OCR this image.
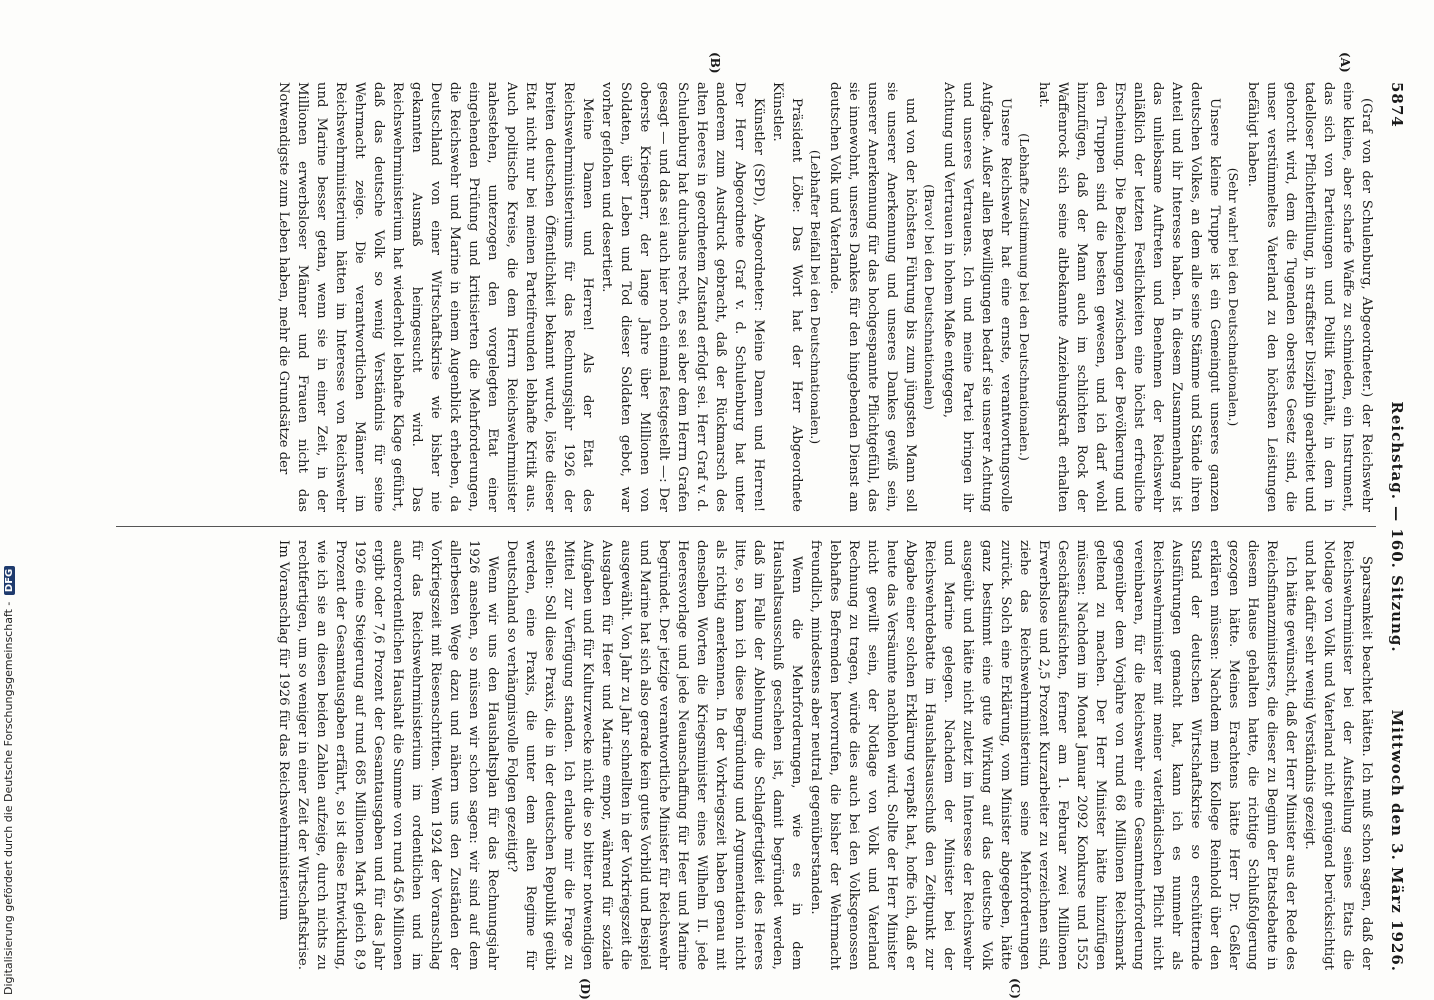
5874
Reichstag. — 160. Sitzung.
Mittwoch den 3. März 1926.
(A)
(B)
(C)
(D)

(Graf von der Schulenburg, Abgeordneter.) der Reichswehr eine kleine, aber scharfe Waffe zu schmieden, ein Instrument, das sich von Parteiungen und Politik fernhält, in dem in tadelloser Pflichterfüllung, in straffster Disziplin gearbeitet und gehorcht wird, dem die Tugenden oberstes Gesetz sind, die unser verstümmeltes Vaterland zu den höchsten Leistungen befähigt haben.

(Sehr wahr! bei den Deutschnationalen.)

Unsere kleine Truppe ist ein Gemeingut unseres ganzen deutschen Volkes, an dem alle seine Stämme und Stände ihren Anteil und ihr Interesse haben. In diesem Zusammenhang ist das unliebsame Auftreten und Benehmen der Reichswehr anläßlich der letzten Festlichkeiten eine höchst erfreuliche Erscheinung. Die Beziehungen zwischen der Bevölkerung und den Truppen sind die besten gewesen, und ich darf wohl hinzufügen, daß der Mann auch im schlichten Rock der Waffenrock sich seine altbekannte Anziehungskraft erhalten hat.

(Lebhafte Zustimmung bei den Deutschnationalen.)

Unsere Reichswehr hat eine ernste, verantwortungsvolle Aufgabe. Außer allen Bewilligungen bedarf sie unserer Achtung und unseres Vertrauens. Ich und meine Partei bringen ihr Achtung und Vertrauen in hohem Maße entgegen,

(Bravo! bei den Deutschnationalen)

und von der höchsten Führung bis zum jüngsten Mann soll sie unserer Anerkennung und unseres Dankes gewiß sein, unserer Anerkennung für das hochgespannte Pflichtgefühl, das sie innewohnt, unseres Dankes für den hingebenden Dienst am deutschen Volk und Vaterlande.

(Lebhafter Beifall bei den Deutschnationalen.)

Präsident Löbe: Das Wort hat der Herr Abgeordnete Künstler.

Künstler (SPD), Abgeordneter: Meine Damen und Herren! Der Herr Abgeordnete Graf v. d. Schulenburg hat unter anderem zum Ausdruck gebracht, daß der Rückmarsch des alten Heeres in geordnetem Zustand erfolgt sei. Herr Graf v. d. Schulenburg hat durchaus recht, es sei aber dem Herrn Grafen gesagt — und das sei auch hier noch einmal festgestellt —: Der oberste Kriegsherr, der lange Jahre über Millionen von Soldaten, über Leben und Tod dieser Soldaten gebot, war vorher geflohen und desertiert.

Meine Damen und Herren! Als der Etat des Reichswehrministeriums für das Rechnungsjahr 1926 der breiten deutschen Öffentlichkeit bekannt wurde, löste dieser Etat nicht nur bei meinen Parteifreunden lebhafte Kritik aus. Auch politische Kreise, die dem Herrn Reichswehrminister nahestehen, unterzogen den vorgelegten Etat einer eingehenden Prüfung und kritisierten die Mehrforderungen, die Reichswehr und Marine in einem Augenblick erheben, da Deutschland von einer Wirtschaftskrise wie bisher nie gekannten Ausmaß heimgesucht wird. Das Reichswehrministerium hat wiederholt lebhafte Klage geführt, daß das deutsche Volk so wenig Verständnis für seine Wehrmacht zeige. Die verantwortlichen Männer im Reichswehrministerium hätten im Interesse von Reichswehr und Marine besser getan, wenn sie in einer Zeit, in der Millionen erwerbsloser Männer und Frauen nicht das Notwendigste zum Leben haben, mehr die Grundsätze der

Sparsamkeit beachtet hätten. Ich muß schon sagen, daß der Reichswehrminister bei der Aufstellung seines Etats die Notlage von Volk und Vaterland nicht genügend berücksichtigt und hat dafür sehr wenig Verständnis gezeigt.

Ich hätte gewünscht, daß der Herr Minister aus der Rede des Reichsfinanzministers, die dieser zu Beginn der Etatsdebatte in diesem Hause gehalten hatte, die richtige Schlußfolgerung gezogen hätte. Meines Erachtens hätte Herr Dr. Geßler erklären müssen: Nachdem mein Kollege Reinhold über den Stand der deutschen Wirtschaftskrise so erschütternde Ausführungen gemacht hat, kann ich es nunmehr als Reichswehrminister mit meiner vaterländischen Pflicht nicht vereinbaren, für die Reichswehr eine Gesamtmehrforderung gegenüber dem Vorjahre von rund 68 Millionen Reichsmark geltend zu machen. Der Herr Minister hätte hinzufügen müssen: Nachdem im Monat Januar 2092 Konkurse und 1552 Geschäftsaufsichten, ferner am 1. Februar zwei Millionen Erwerbslose und 2,5 Prozent Kurzarbeiter zu verzeichnen sind, ziehe das Reichswehrministerium seine Mehrforderungen zurück. Solch eine Erklärung, vom Minister abgegeben, hätte ganz bestimmt eine gute Wirkung auf das deutsche Volk ausgeübt und hätte nicht zuletzt im Interesse der Reichswehr und Marine gelegen. Nachdem der Minister bei der Reichswehrdebatte im Haushaltsausschuß den Zeitpunkt zur Abgabe einer solchen Erklärung verpaßt hat, hoffe ich, daß er heute das Versäumte nachholen wird. Sollte der Herr Minister nicht gewillt sein, der Notlage von Volk und Vaterland Rechnung zu tragen, würde dies auch bei den Volksgenossen lebhaftes Befremden hervorrufen, die bisher der Wehrmacht freundlich, mindestens aber neutral gegenüberstanden.

Wenn die Mehrforderungen, wie es in dem Haushaltsausschuß geschehen ist, damit begründet werden, daß im Falle der Ablehnung die Schlagfertigkeit des Heeres litte, so kann ich diese Begründung und Argumentation nicht als richtig anerkennen. In der Vorkriegszeit haben genau mit denselben Worten die Kriegsminister eines Wilhelm II. jede Heeresvorlage und jede Neuanschaffung für Heer und Marine begründet. Der jetzige verantwortliche Minister für Reichswehr und Marine hat sich also gerade kein gutes Vorbild und Beispiel ausgewählt. Von Jahr zu Jahr schnellten in der Vorkriegszeit die Ausgaben für Heer und Marine empor, während für soziale Aufgaben und für Kulturzwecke nicht die so bitter notwendigen Mittel zur Verfügung standen. Ich erlaube mir die Frage zu stellen: Soll diese Praxis, die in der deutschen Republik geübt werden, eine Praxis, die unter dem alten Regime für Deutschland so verhängnisvolle Folgen gezeitigt?

Wenn wir uns den Haushaltsplan für das Rechnungsjahr 1926 ansehen, so müssen wir schon sagen: wir sind auf dem allerbesten Wege dazu und nähern uns den Zuständen der Vorkriegszeit mit Riesenschritten. Wenn 1924 der Voranschlag für das Reichswehrministerium im ordentlichen und im außerordentlichen Haushalt die Summe von rund 456 Millionen ergibt oder 7,6 Prozent der Gesamtausgaben und für das Jahr 1926 eine Steigerung auf rund 685 Millionen Mark gleich 8,9 Prozent der Gesamtausgaben erfährt, so ist diese Entwicklung, wie ich sie an diesen beiden Zahlen aufzeige, durch nichts zu rechtfertigen, um so weniger in einer Zeit der Wirtschaftskrise. Im Voranschlag für 1926 für das Reichswehrministerium

Digitalisierung gefördert durch die Deutsche Forschungsgemeinschaft - DFG
